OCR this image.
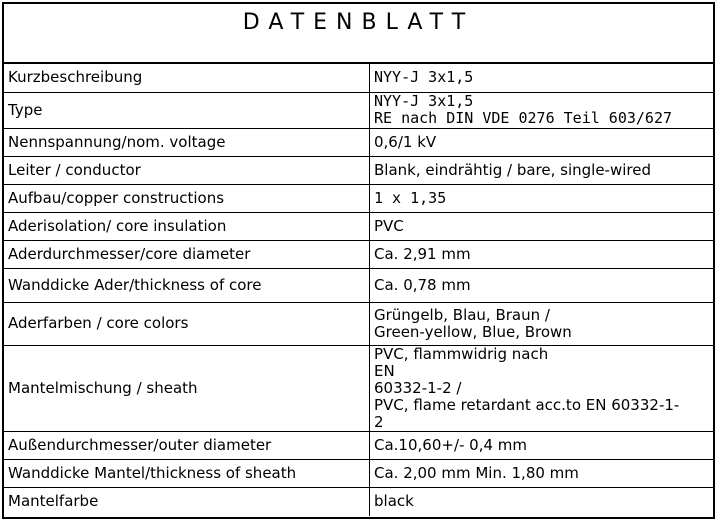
DATENBLATT
Kurzbeschreibung	NYY-J 3x1,5
Type	NYY-J 3x1,5
RE nach DIN VDE 0276 Teil 603/627

Nennspannung/nom. voltage	0,6/1 kV
Leiter / conductor	Blank, eindrähtig / bare, single-wired
Aufbau/copper constructions	1 x 1,35
Aderisolation/ core insulation	PVC
Aderdurchmesser/core diameter	Ca. 2,91 mm
Wanddicke Ader/thickness of core	Ca. 0,78 mm
Aderfarben / core colors	Grüngelb, Blau, Braun /
Green-yellow, Blue, Brown

Mantelmischung / sheath	PVC, flammwidrig nach
EN
60332-1-2 /
PVC, flame retardant acc.to EN 60332-1-
2

Außendurchmesser/outer diameter	Ca.10,60+/- 0,4 mm
Wanddicke Mantel/thickness of sheath	Ca. 2,00 mm Min. 1,80 mm
Mantelfarbe	black
